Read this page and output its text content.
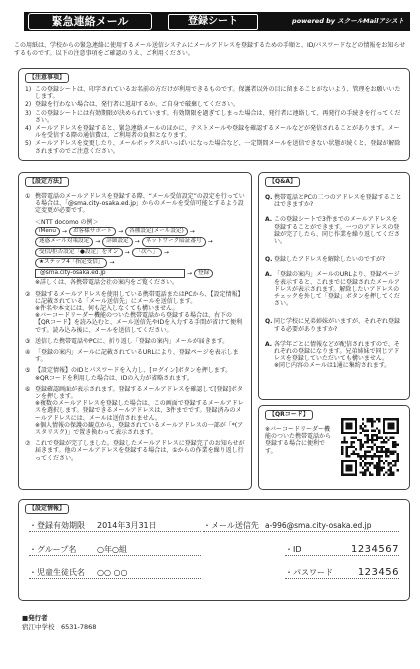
緊急連絡メール	登録シート	powered by スクールMailアシスト

この用紙は、学校からの緊急連絡に使用するメール送信システムにメールアドレスを登録するための手順と、ID/パスワードなどの情報をお知らせするものです。以下の注意事項をご確認のうえ、ご利用ください。

【注意事項】
1) この登録シートは、印字されているお名前の方だけが利用できるものです。保護者以外の目に留まることがないよう、管理をお願いいたします。
2) 登録を行わない場合は、発行者に返却するか、ご自身で破棄してください。
3) この登録シートには有効期限が決められています。有効期限を過ぎてしまった場合は、発行者に連絡して、再発行の手続きを行ってください。
4) メールアドレスを登録すると、緊急連絡メールのほかに、テストメールや登録を確認するメールなどが発信されることがあります。メールを受信する際の通信費は、ご利用者の負担となります。
5) メールアドレスを変更したり、メールボックスがいっぱいになった場合など、一定期間メールを送信できない状態が続くと、登録が解除されますのでご注意ください。
【設定方法】
① 携帯電話のメールアドレスを登録する際、“メール受信設定”の設定を行っている場合は、「@sma.city-osaka.ed.jp」からのメールを受信可能とするよう設定変更が必要です。
＜NTT docomo の例＞
iMenu	→	お客様サポート	→	各種設定(メール設定)	→
迷惑メール対策設定	→	詳細設定	→	ネットワーク暗証番号	→
受信/拒否設定「●設定」をオン	→	「次へ」	→
★ステップ4「指定受信」	→
@sma.city-osaka.ed.jp	→	登録
※詳しくは、各携帯電話会社の案内をご覧ください。
② 登録するメールアドレスを使用している携帯電話またはPCから、【設定情報】に記載されている「メール送信先」にメールを送信します。
※件名や本文には、何も記入しなくても構いません。
※バーコードリーダー機能のついた携帯電話から登録する場合は、右下の【QRコード】を読み込むと、メール送信先やIDを入力する手間が省けて便利です。読み込み後に、メールを送信してください。
③ 送信した携帯電話やPCに、折り返し「登録の案内」メールが届きます。
④ 「登録の案内」メールに記載されているURLにより、登録ページを表示します。
⑤ 【設定情報】のIDとパスワードを入力し、[ログイン]ボタンを押します。
※QRコードを利用した場合は、IDの入力が省略されます。
⑥ 登録確認画面が表示されます。登録するメールアドレスを確認して[登録]ボタンを押します。
※複数のメールアドレスを登録した場合は、この画面で登録するメールアドレスを選択します。登録できるメールアドレスは、3件までです。登録済みのメールアドレスには、メールは送信されません。
※個人情報の保護の観点から、登録されているメールアドレスの一部が「*(アスタリスク)」で置き換わって表示されます。
⑦ これで登録が完了しました。登録したメールアドレスに登録完了のお知らせが届きます。他のメールアドレスを登録する場合は、①からの作業を繰り返し行ってください。
【Q&A】
Q. 携帯電話とPCの二つのアドレスを登録することはできますか?
A. この登録シートで3件までのメールアドレスを登録することができます。一つのアドレスの登録が完了したら、同じ作業を繰り返してください。
Q. 登録したアドレスを解除したいのですが?
A. 「登録の案内」メールのURLより、登録ページを表示すると、これまでに登録されたメールアドレスが表示されます。解除したいアドレスのチェックを外して「登録」ボタンを押してください。
Q. 同じ学校に兄弟姉妹がいますが、それぞれ登録する必要がありますか?
A. 各学年ごとに情報などが配信されますので、それぞれの登録になります。兄弟姉妹で同じアドレスを登録していただいても構いません。
※同じ内容のメールは1通に集約されます。
【QRコード】
※バーコードリーダー機能のついた携帯電話から登録する場合に便利です。
【設定情報】
・登録有効期限	2014年3月31日	・メール送信先 a-996@sma.city-osaka.ed.jp
・グループ名	○年○組	・ID	1234567
・児童生徒氏名	○○ ○○	・パスワード	123456
■発行者
宿江中学校　6531-7868
